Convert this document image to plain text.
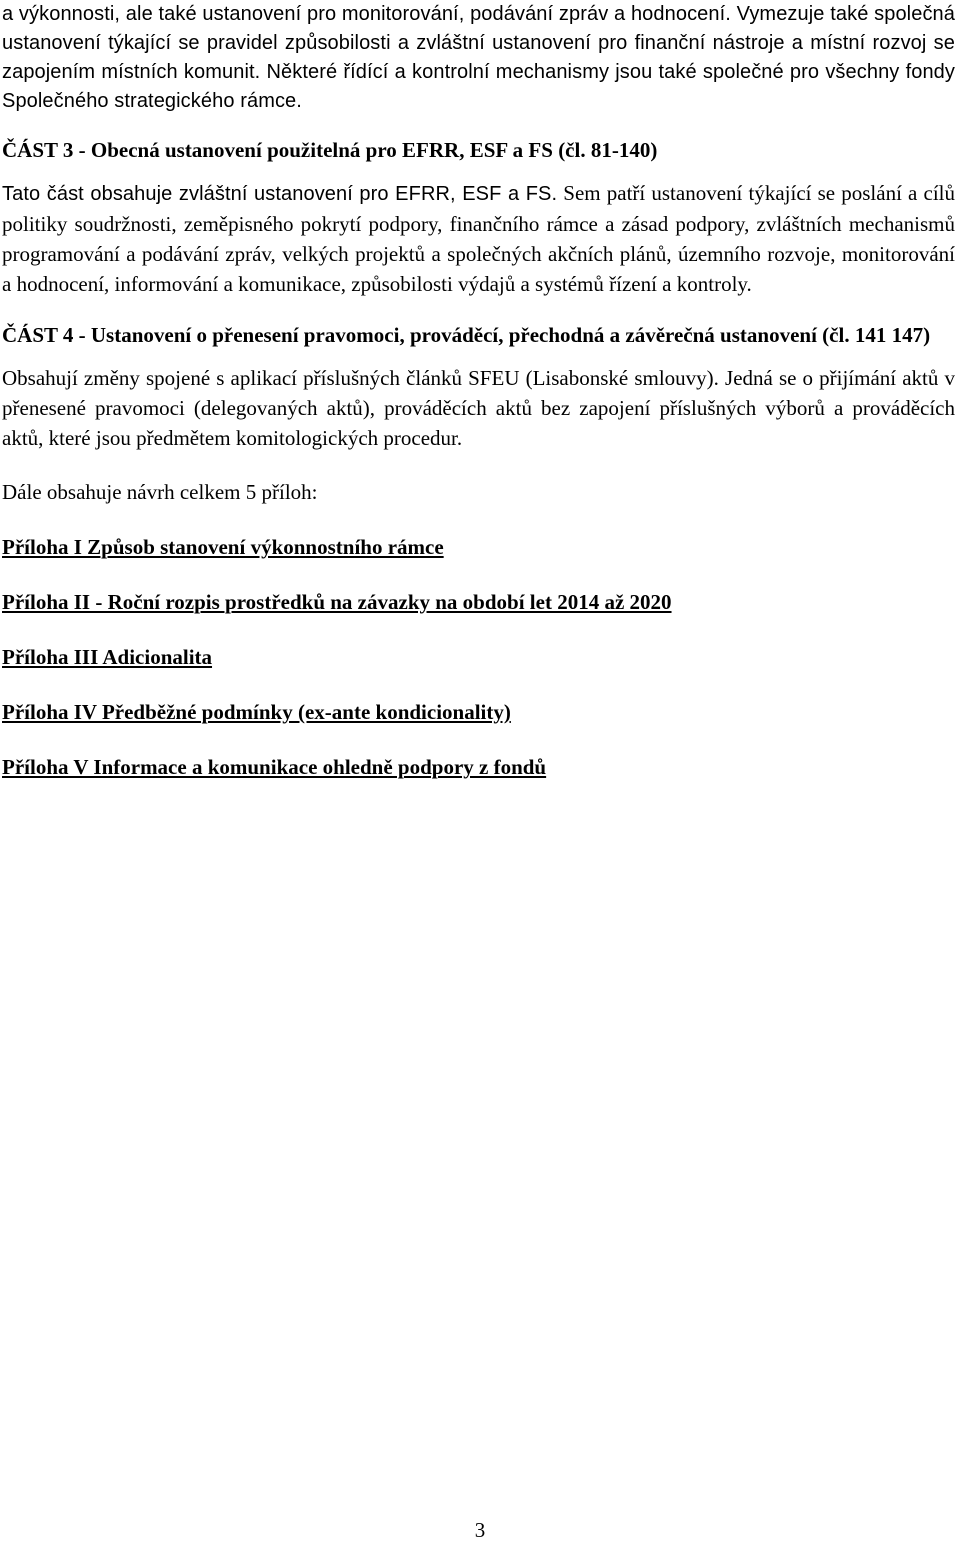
a výkonnosti, ale také ustanovení pro monitorování, podávání zpráv a hodnocení. Vymezuje také společná ustanovení týkající se pravidel způsobilosti a zvláštní ustanovení pro finanční nástroje a místní rozvoj se zapojením místních komunit. Některé řídící a kontrolní mechanismy jsou také společné pro všechny fondy Společného strategického rámce.

ČÁST 3 - Obecná ustanovení použitelná pro EFRR, ESF a FS (čl. 81-140)

Tato část obsahuje zvláštní ustanovení pro EFRR, ESF a FS. Sem patří ustanovení týkající se poslání a cílů politiky soudržnosti, zeměpisného pokrytí podpory, finančního rámce a zásad podpory, zvláštních mechanismů programování a podávání zpráv, velkých projektů a společných akčních plánů, územního rozvoje, monitorování a hodnocení, informování a komunikace, způsobilosti výdajů a systémů řízení a kontroly.

ČÁST 4 - Ustanovení o přenesení pravomoci, prováděcí, přechodná a závěrečná ustanovení (čl. 141 147)

Obsahují změny spojené s aplikací příslušných článků SFEU (Lisabonské smlouvy). Jedná se o přijímání aktů v přenesené pravomoci (delegovaných aktů), prováděcích aktů bez zapojení příslušných výborů a prováděcích aktů, které jsou předmětem komitologických procedur.

Dále obsahuje návrh celkem 5 příloh:

Příloha I Způsob stanovení výkonnostního rámce

Příloha II - Roční rozpis prostředků na závazky na období let 2014 až 2020

Příloha III Adicionalita

Příloha IV Předběžné podmínky (ex-ante kondicionality)

Příloha V Informace a komunikace ohledně podpory z fondů

3
